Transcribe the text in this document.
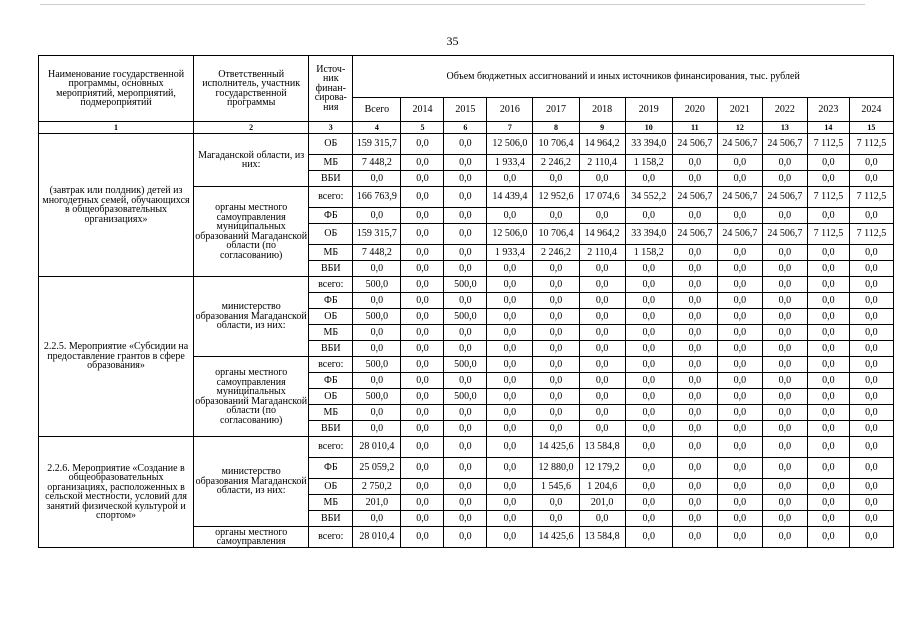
35
Наименование государственной программы, основных мероприятий, мероприятий, подмероприятий	Ответственный исполнитель, участник государственной программы	Источ-ник финан-сирова-ния	Объем бюджетных ассигнований и иных источников финансирования, тыс. рублей											
			Всего	2014	2015	2016	2017	2018	2019	2020	2021	2022	2023	2024
1	2	3	4	5	6	7	8	9	10	11	12	13	14	15
(завтрак или полдник) детей из многодетных семей, обучающихся в общеобразовательных организациях»	Магаданской области, из них:	ОБ	159 315,7	0,0	0,0	12 506,0	10 706,4	14 964,2	33 394,0	24 506,7	24 506,7	24 506,7	7 112,5	7 112,5
		МБ	7 448,2	0,0	0,0	1 933,4	2 246,2	2 110,4	1 158,2	0,0	0,0	0,0	0,0	0,0
		ВБИ	0,0	0,0	0,0	0,0	0,0	0,0	0,0	0,0	0,0	0,0	0,0	0,0
	органы местного самоуправления муниципальных образований Магаданской области (по согласованию)	всего:	166 763,9	0,0	0,0	14 439,4	12 952,6	17 074,6	34 552,2	24 506,7	24 506,7	24 506,7	7 112,5	7 112,5
		ФБ	0,0	0,0	0,0	0,0	0,0	0,0	0,0	0,0	0,0	0,0	0,0	0,0
		ОБ	159 315,7	0,0	0,0	12 506,0	10 706,4	14 964,2	33 394,0	24 506,7	24 506,7	24 506,7	7 112,5	7 112,5
		МБ	7 448,2	0,0	0,0	1 933,4	2 246,2	2 110,4	1 158,2	0,0	0,0	0,0	0,0	0,0
		ВБИ	0,0	0,0	0,0	0,0	0,0	0,0	0,0	0,0	0,0	0,0	0,0	0,0
2.2.5. Мероприятие «Субсидии на предоставление грантов в сфере образования»	министерство образования Магаданской области, из них:	всего:	500,0	0,0	500,0	0,0	0,0	0,0	0,0	0,0	0,0	0,0	0,0	0,0
		ФБ	0,0	0,0	0,0	0,0	0,0	0,0	0,0	0,0	0,0	0,0	0,0	0,0
		ОБ	500,0	0,0	500,0	0,0	0,0	0,0	0,0	0,0	0,0	0,0	0,0	0,0
		МБ	0,0	0,0	0,0	0,0	0,0	0,0	0,0	0,0	0,0	0,0	0,0	0,0
		ВБИ	0,0	0,0	0,0	0,0	0,0	0,0	0,0	0,0	0,0	0,0	0,0	0,0
	органы местного самоуправления муниципальных образований Магаданской области (по согласованию)	всего:	500,0	0,0	500,0	0,0	0,0	0,0	0,0	0,0	0,0	0,0	0,0	0,0
		ФБ	0,0	0,0	0,0	0,0	0,0	0,0	0,0	0,0	0,0	0,0	0,0	0,0
		ОБ	500,0	0,0	500,0	0,0	0,0	0,0	0,0	0,0	0,0	0,0	0,0	0,0
		МБ	0,0	0,0	0,0	0,0	0,0	0,0	0,0	0,0	0,0	0,0	0,0	0,0
		ВБИ	0,0	0,0	0,0	0,0	0,0	0,0	0,0	0,0	0,0	0,0	0,0	0,0
2.2.6. Мероприятие «Создание в общеобразовательных организациях, расположенных в сельской местности, условий для занятий физической культурой и спортом»	министерство образования Магаданской области, из них:	всего:	28 010,4	0,0	0,0	0,0	14 425,6	13 584,8	0,0	0,0	0,0	0,0	0,0	0,0
		ФБ	25 059,2	0,0	0,0	0,0	12 880,0	12 179,2	0,0	0,0	0,0	0,0	0,0	0,0
		ОБ	2 750,2	0,0	0,0	0,0	1 545,6	1 204,6	0,0	0,0	0,0	0,0	0,0	0,0
		МБ	201,0	0,0	0,0	0,0	0,0	201,0	0,0	0,0	0,0	0,0	0,0	0,0
		ВБИ	0,0	0,0	0,0	0,0	0,0	0,0	0,0	0,0	0,0	0,0	0,0	0,0
	органы местного самоуправления	всего:	28 010,4	0,0	0,0	0,0	14 425,6	13 584,8	0,0	0,0	0,0	0,0	0,0	0,0
